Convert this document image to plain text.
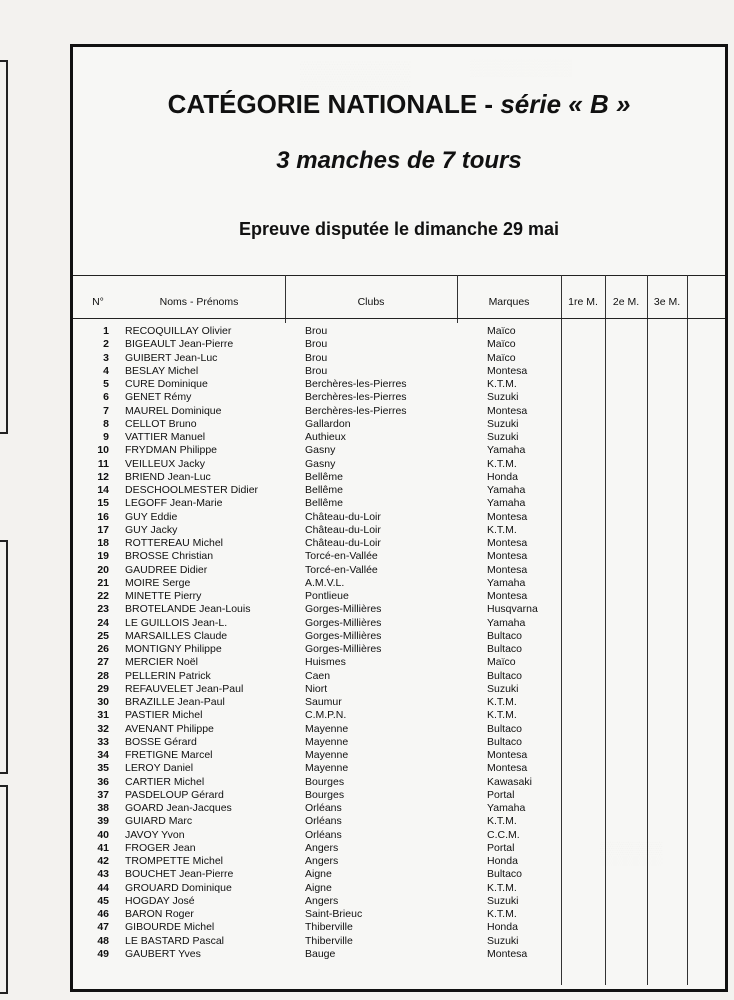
CATÉGORIE NATIONALE - série « B »
3 manches de 7 tours
Epreuve disputée le dimanche 29 mai
N°	Noms - Prénoms	Clubs	Marques	1re M.	2e M.	3e M.
1 RECOQUILLAY Olivier	Brou	Maïco
2 BIGEAULT Jean-Pierre	Brou	Maïco
3 GUIBERT Jean-Luc	Brou	Maïco
4 BESLAY Michel	Brou	Montesa
5 CURE Dominique	Berchères-les-Pierres	K.T.M.
6 GENET Rémy	Berchères-les-Pierres	Suzuki
7 MAUREL Dominique	Berchères-les-Pierres	Montesa
8 CELLOT Bruno	Gallardon	Suzuki
9 VATTIER Manuel	Authieux	Suzuki
10 FRYDMAN Philippe	Gasny	Yamaha
11 VEILLEUX Jacky	Gasny	K.T.M.
12 BRIEND Jean-Luc	Bellême	Honda
14 DESCHOOLMESTER Didier	Bellême	Yamaha
15 LEGOFF Jean-Marie	Bellême	Yamaha
16 GUY Eddie	Château-du-Loir	Montesa
17 GUY Jacky	Château-du-Loir	K.T.M.
18 ROTTEREAU Michel	Château-du-Loir	Montesa
19 BROSSE Christian	Torcé-en-Vallée	Montesa
20 GAUDREE Didier	Torcé-en-Vallée	Montesa
21 MOIRE Serge	A.M.V.L.	Yamaha
22 MINETTE Pierry	Pontlieue	Montesa
23 BROTELANDE Jean-Louis	Gorges-Millières	Husqvarna
24 LE GUILLOIS Jean-L.	Gorges-Millières	Yamaha
25 MARSAILLES Claude	Gorges-Millières	Bultaco
26 MONTIGNY Philippe	Gorges-Millières	Bultaco
27 MERCIER Noël	Huismes	Maïco
28 PELLERIN Patrick	Caen	Bultaco
29 REFAUVELET Jean-Paul	Niort	Suzuki
30 BRAZILLE Jean-Paul	Saumur	K.T.M.
31 PASTIER Michel	C.M.P.N.	K.T.M.
32 AVENANT Philippe	Mayenne	Bultaco
33 BOSSE Gérard	Mayenne	Bultaco
34 FRETIGNE Marcel	Mayenne	Montesa
35 LEROY Daniel	Mayenne	Montesa
36 CARTIER Michel	Bourges	Kawasaki
37 PASDELOUP Gérard	Bourges	Portal
38 GOARD Jean-Jacques	Orléans	Yamaha
39 GUIARD Marc	Orléans	K.T.M.
40 JAVOY Yvon	Orléans	C.C.M.
41 FROGER Jean	Angers	Portal
42 TROMPETTE Michel	Angers	Honda
43 BOUCHET Jean-Pierre	Aigne	Bultaco
44 GROUARD Dominique	Aigne	K.T.M.
45 HOGDAY José	Angers	Suzuki
46 BARON Roger	Saint-Brieuc	K.T.M.
47 GIBOURDE Michel	Thiberville	Honda
48 LE BASTARD Pascal	Thiberville	Suzuki
49 GAUBERT Yves	Bauge	Montesa
